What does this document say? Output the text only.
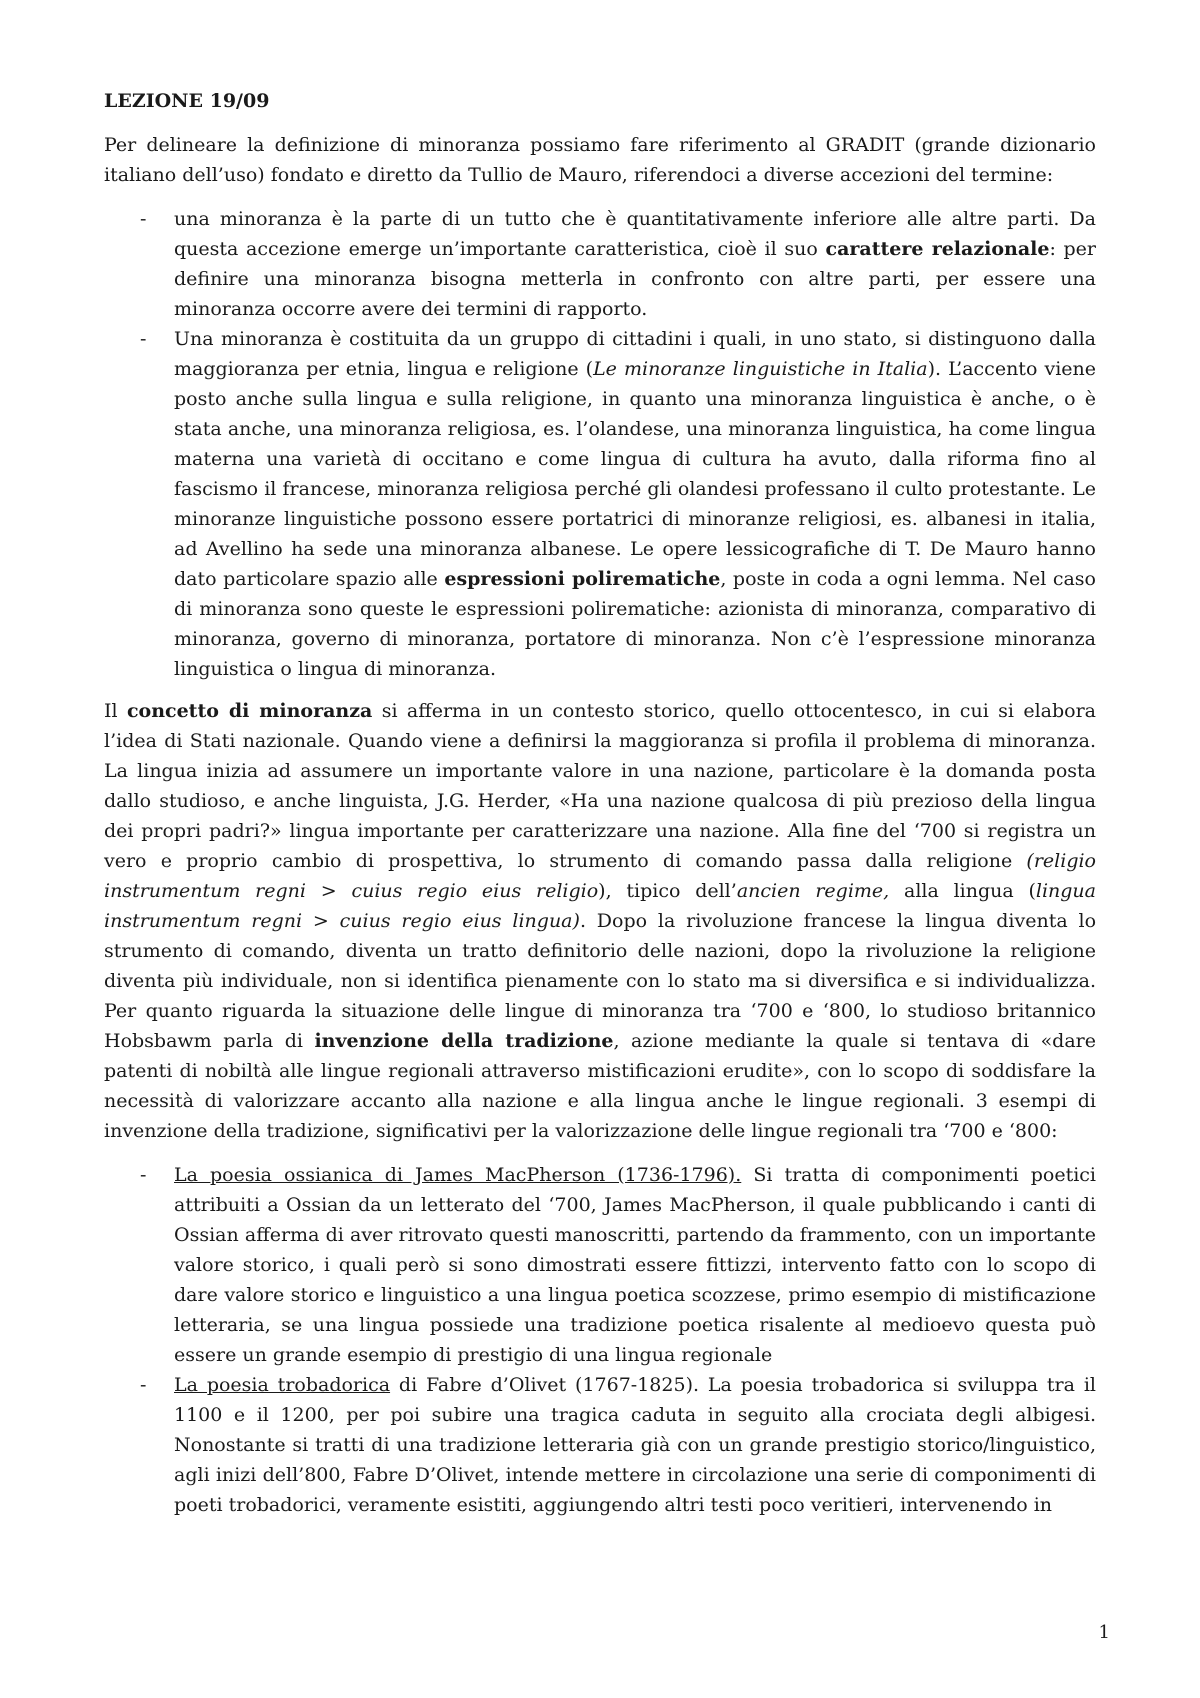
LEZIONE 19/09

Per delineare la definizione di minoranza possiamo fare riferimento al GRADIT (grande dizionario italiano dell’uso) fondato e diretto da Tullio de Mauro, riferendoci a diverse accezioni del termine:

- una minoranza è la parte di un tutto che è quantitativamente inferiore alle altre parti. Da questa accezione emerge un’importante caratteristica, cioè il suo carattere relazionale: per definire una minoranza bisogna metterla in confronto con altre parti, per essere una minoranza occorre avere dei termini di rapporto.
- Una minoranza è costituita da un gruppo di cittadini i quali, in uno stato, si distinguono dalla maggioranza per etnia, lingua e religione (Le minoranze linguistiche in Italia). L’accento viene posto anche sulla lingua e sulla religione, in quanto una minoranza linguistica è anche, o è stata anche, una minoranza religiosa, es. l’olandese, una minoranza linguistica, ha come lingua materna una varietà di occitano e come lingua di cultura ha avuto, dalla riforma fino al fascismo il francese, minoranza religiosa perché gli olandesi professano il culto protestante. Le minoranze linguistiche possono essere portatrici di minoranze religiosi, es. albanesi in italia, ad Avellino ha sede una minoranza albanese. Le opere lessicografiche di T. De Mauro hanno dato particolare spazio alle espressioni polirematiche, poste in coda a ogni lemma. Nel caso di minoranza sono queste le espressioni polirematiche: azionista di minoranza, comparativo di minoranza, governo di minoranza, portatore di minoranza. Non c’è l’espressione minoranza linguistica o lingua di minoranza.

Il concetto di minoranza si afferma in un contesto storico, quello ottocentesco, in cui si elabora l’idea di Stati nazionale. Quando viene a definirsi la maggioranza si profila il problema di minoranza. La lingua inizia ad assumere un importante valore in una nazione, particolare è la domanda posta dallo studioso, e anche linguista, J.G. Herder, «Ha una nazione qualcosa di più prezioso della lingua dei propri padri?» lingua importante per caratterizzare una nazione. Alla fine del ‘700 si registra un vero e proprio cambio di prospettiva, lo strumento di comando passa dalla religione (religio instrumentum regni > cuius regio eius religio), tipico dell’ancien regime, alla lingua (lingua instrumentum regni > cuius regio eius lingua). Dopo la rivoluzione francese la lingua diventa lo strumento di comando, diventa un tratto definitorio delle nazioni, dopo la rivoluzione la religione diventa più individuale, non si identifica pienamente con lo stato ma si diversifica e si individualizza. Per quanto riguarda la situazione delle lingue di minoranza tra ‘700 e ‘800, lo studioso britannico Hobsbawm parla di invenzione della tradizione, azione mediante la quale si tentava di «dare patenti di nobiltà alle lingue regionali attraverso mistificazioni erudite», con lo scopo di soddisfare la necessità di valorizzare accanto alla nazione e alla lingua anche le lingue regionali. 3 esempi di invenzione della tradizione, significativi per la valorizzazione delle lingue regionali tra ‘700 e ‘800:

- La poesia ossianica di James MacPherson (1736-1796). Si tratta di componimenti poetici attribuiti a Ossian da un letterato del ‘700, James MacPherson, il quale pubblicando i canti di Ossian afferma di aver ritrovato questi manoscritti, partendo da frammento, con un importante valore storico, i quali però si sono dimostrati essere fittizzi, intervento fatto con lo scopo di dare valore storico e linguistico a una lingua poetica scozzese, primo esempio di mistificazione letteraria, se una lingua possiede una tradizione poetica risalente al medioevo questa può essere un grande esempio di prestigio di una lingua regionale
- La poesia trobadorica di Fabre d’Olivet (1767-1825). La poesia trobadorica si sviluppa tra il 1100 e il 1200, per poi subire una tragica caduta in seguito alla crociata degli albigesi. Nonostante si tratti di una tradizione letteraria già con un grande prestigio storico/linguistico, agli inizi dell’800, Fabre D’Olivet, intende mettere in circolazione una serie di componimenti di poeti trobadorici, veramente esistiti, aggiungendo altri testi poco veritieri, intervenendo in
1
